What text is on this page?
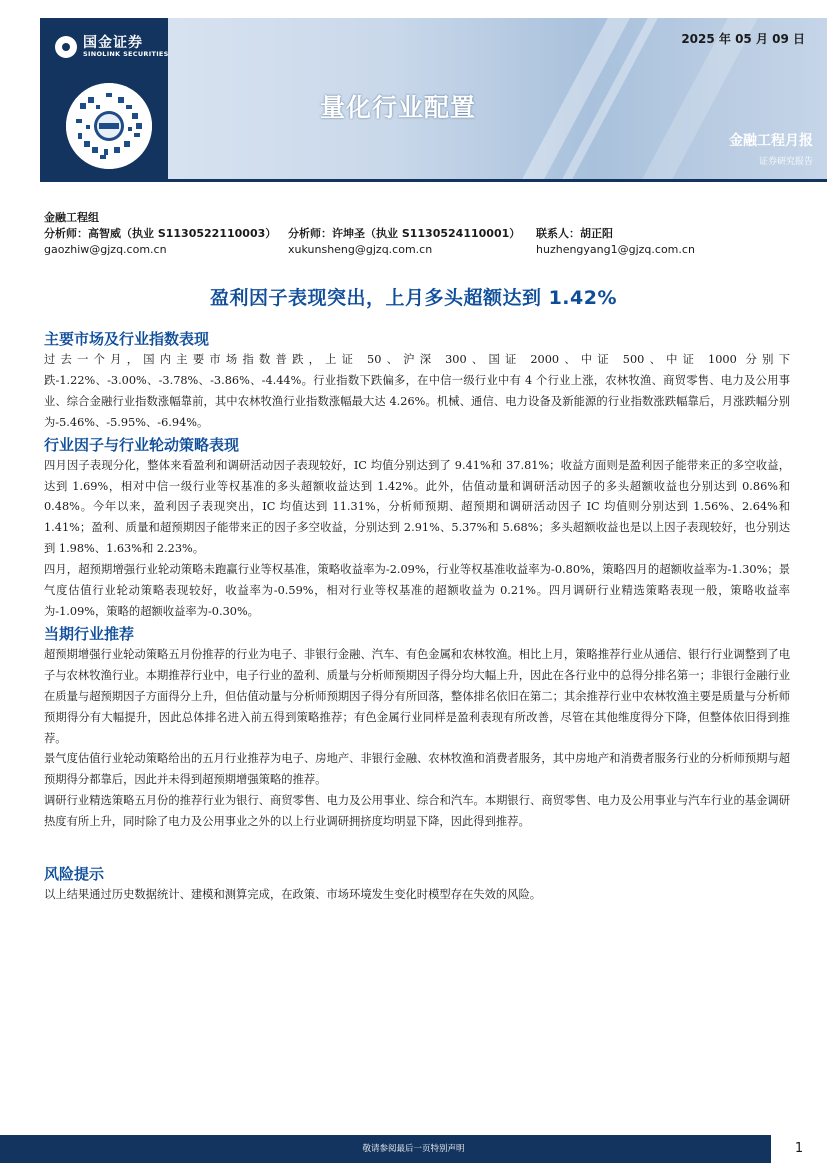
国金证券
SINOLINK SECURITIES
2025 年 05 月 09 日
量化行业配置
金融工程月报
证券研究报告
金融工程组
分析师：高智威（执业 S1130522110003） 分析师：许坤圣（执业 S1130524110001） 联系人：胡正阳
gaozhiw@gjzq.com.cn	xukunsheng@gjzq.com.cn	huzhengyang1@gjzq.com.cn
盈利因子表现突出，上月多头超额达到 1.42%
主要市场及行业指数表现

过去一个月，国内主要市场指数普跌，上证 50、沪深 300、国证 2000、中证 500、中证 1000 分别下跌-1.22%、-3.00%、-3.78%、-3.86%、-4.44%。行业指数下跌偏多，在中信一级行业中有 4 个行业上涨，农林牧渔、商贸零售、电力及公用事业、综合金融行业指数涨幅靠前，其中农林牧渔行业指数涨幅最大达 4.26%。机械、通信、电力设备及新能源的行业指数涨跌幅靠后，月涨跌幅分别为-5.46%、-5.95%、-6.94%。

行业因子与行业轮动策略表现

四月因子表现分化，整体来看盈利和调研活动因子表现较好，IC 均值分别达到了 9.41%和 37.81%；收益方面则是盈利因子能带来正的多空收益，达到 1.69%，相对中信一级行业等权基准的多头超额收益达到 1.42%。此外，估值动量和调研活动因子的多头超额收益也分别达到 0.86%和 0.48%。今年以来，盈利因子表现突出，IC 均值达到 11.31%，分析师预期、超预期和调研活动因子 IC 均值则分别达到 1.56%、2.64%和 1.41%；盈利、质量和超预期因子能带来正的因子多空收益，分别达到 2.91%、5.37%和 5.68%；多头超额收益也是以上因子表现较好，也分别达到 1.98%、1.63%和 2.23%。

四月，超预期增强行业轮动策略未跑赢行业等权基准，策略收益率为-2.09%，行业等权基准收益率为-0.80%，策略四月的超额收益率为-1.30%；景气度估值行业轮动策略表现较好，收益率为-0.59%，相对行业等权基准的超额收益为 0.21%。四月调研行业精选策略表现一般，策略收益率为-1.09%，策略的超额收益率为-0.30%。

当期行业推荐

超预期增强行业轮动策略五月份推荐的行业为电子、非银行金融、汽车、有色金属和农林牧渔。相比上月，策略推荐行业从通信、银行行业调整到了电子与农林牧渔行业。本期推荐行业中，电子行业的盈利、质量与分析师预期因子得分均大幅上升，因此在各行业中的总得分排名第一；非银行金融行业在质量与超预期因子方面得分上升，但估值动量与分析师预期因子得分有所回落，整体排名依旧在第二；其余推荐行业中农林牧渔主要是质量与分析师预期得分有大幅提升，因此总体排名进入前五得到策略推荐；有色金属行业同样是盈利表现有所改善，尽管在其他维度得分下降，但整体依旧得到推荐。

景气度估值行业轮动策略给出的五月行业推荐为电子、房地产、非银行金融、农林牧渔和消费者服务，其中房地产和消费者服务行业的分析师预期与超预期得分都靠后，因此并未得到超预期增强策略的推荐。

调研行业精选策略五月份的推荐行业为银行、商贸零售、电力及公用事业、综合和汽车。本期银行、商贸零售、电力及公用事业与汽车行业的基金调研热度有所上升，同时除了电力及公用事业之外的以上行业调研拥挤度均明显下降，因此得到推荐。

风险提示

以上结果通过历史数据统计、建模和测算完成，在政策、市场环境发生变化时模型存在失效的风险。

敬请参阅最后一页特别声明	1
